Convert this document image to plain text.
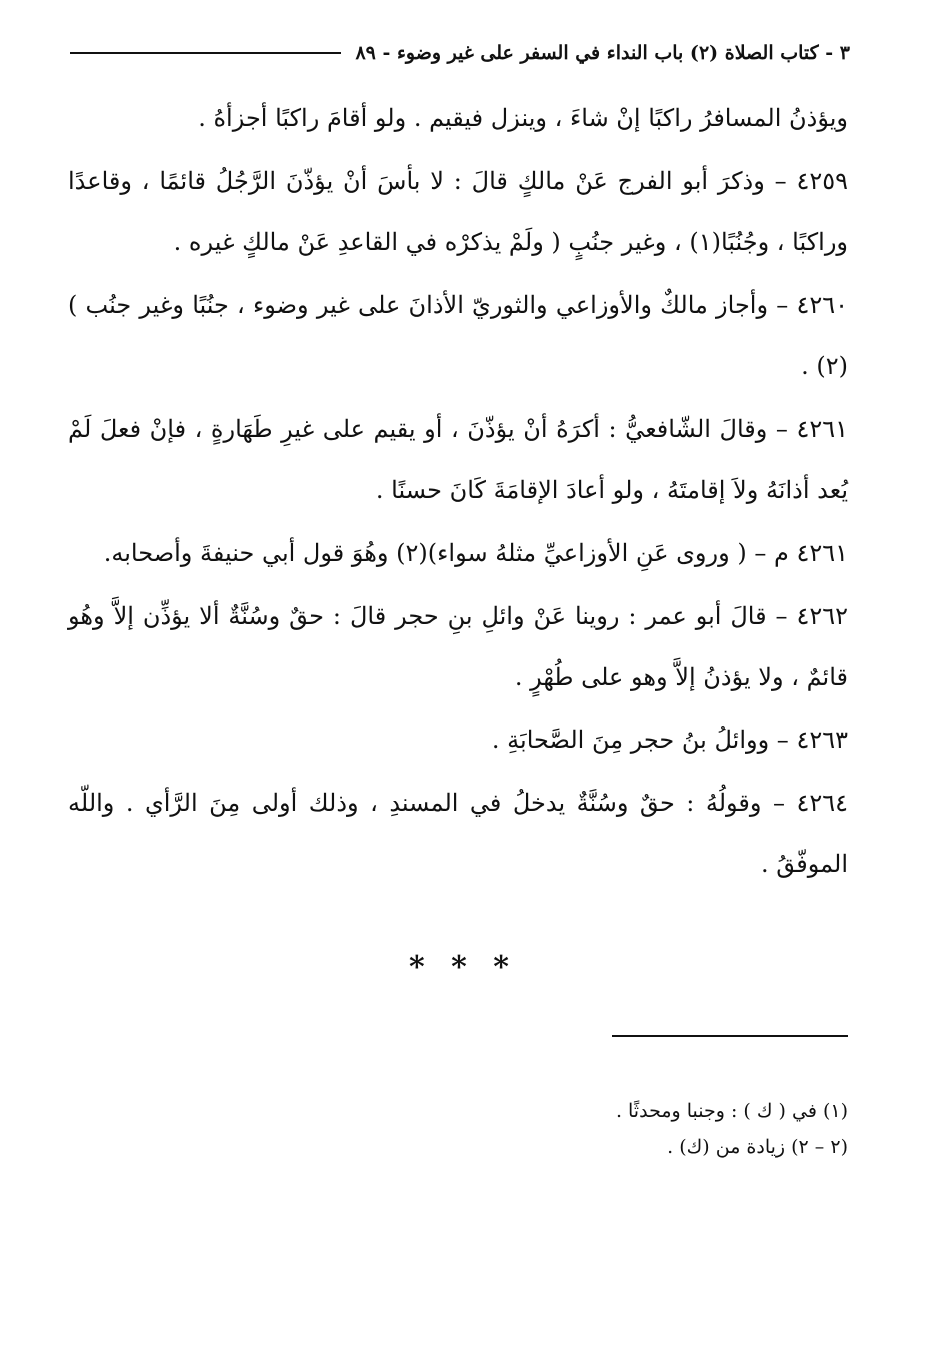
٣ - كتاب الصلاة (٢) باب النداء في السفر على غير وضوء - ٨٩

ويؤذنُ المسافرُ راكبًا إنْ شاءَ ، وينزل فيقيم . ولو أقامَ راكبًا أجزأهُ .

٤٢٥٩ – وذكرَ أبو الفرج عَنْ مالكٍ قالَ : لا بأسَ أنْ يؤذّنَ الرَّجُلُ قائمًا ، وقاعدًا وراكبًا ، وجُنُبًا(١) ، وغير جنُبٍ ( ولَمْ يذكرْه في القاعدِ عَنْ مالكٍ غيره .

٤٢٦٠ – وأجاز مالكٌ والأوزاعي والثوريّ الأذانَ على غير وضوء ، جنُبًا وغير جنُب )(٢) .

٤٢٦١ – وقالَ الشّافعيُّ : أكرَهُ أنْ يؤذّنَ ، أو يقيم على غيرِ طَهَارةٍ ، فإنْ فعلَ لَمْ يُعد أذانَهُ ولاَ إقامتَهُ ، ولو أعادَ الإقامَةَ كَانَ حسنًا .

٤٢٦١ م – ( وروى عَنِ الأوزاعيِّ مثلهُ سواء)(٢) وهُوَ قول أبي حنيفةَ وأصحابه.

٤٢٦٢ – قالَ أبو عمر : روينا عَنْ وائلِ بنِ حجر قالَ : حقٌ وسُنَّةٌ ألا يؤذِّن إلاَّ وهُو قائمٌ ، ولا يؤذنُ إلاَّ وهو على طُهْرٍ .

٤٢٦٣ – ووائلُ بنُ حجر مِنَ الصَّحابَةِ .

٤٢٦٤ – وقولُهُ : حقٌ وسُنَّةٌ يدخلُ في المسندِ ، وذلك أولى مِنَ الرَّأي . واللّه الموفّقُ .

* * *
(١) في ( ك ) : وجنبا ومحدثًا .
(٢ – ٢) زيادة من (ك) .
